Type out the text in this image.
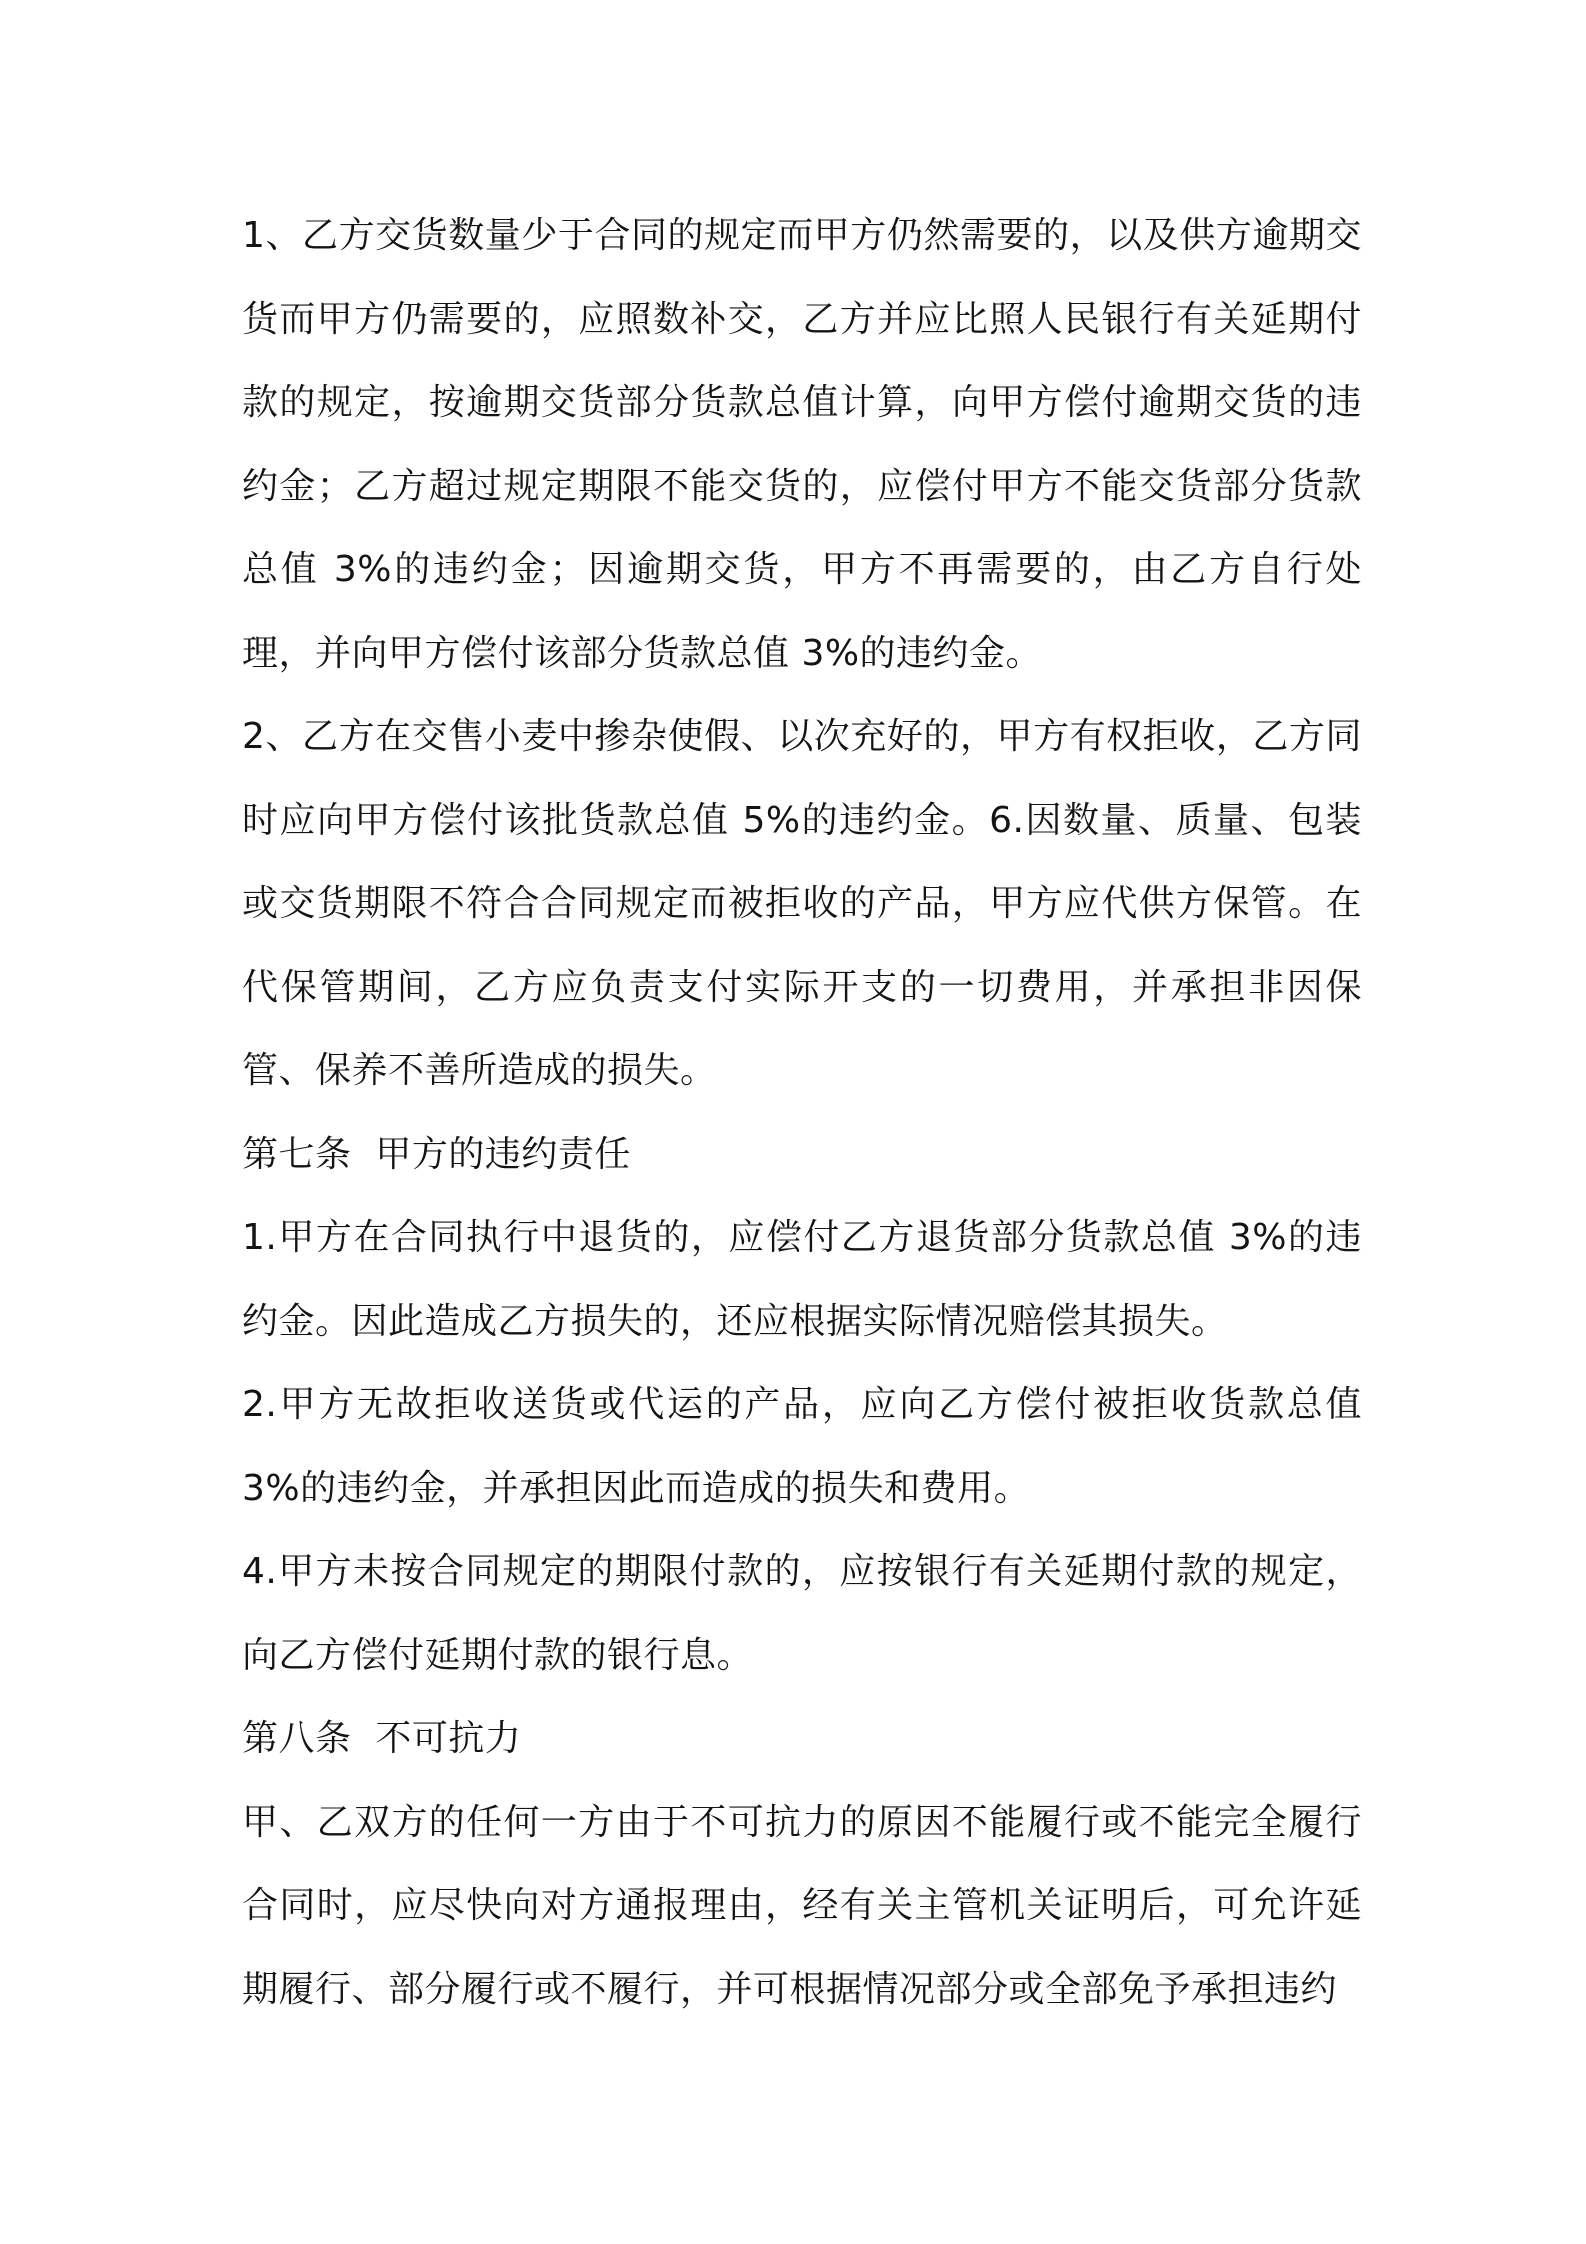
1、乙方交货数量少于合同的规定而甲方仍然需要的，以及供方逾期交货而甲方仍需要的，应照数补交，乙方并应比照人民银行有关延期付款的规定，按逾期交货部分货款总值计算，向甲方偿付逾期交货的违约金；乙方超过规定期限不能交货的，应偿付甲方不能交货部分货款总值 3%的违约金；因逾期交货，甲方不再需要的，由乙方自行处理，并向甲方偿付该部分货款总值 3%的违约金。

2、乙方在交售小麦中掺杂使假、以次充好的，甲方有权拒收，乙方同时应向甲方偿付该批货款总值 5%的违约金。6.因数量、质量、包装或交货期限不符合合同规定而被拒收的产品，甲方应代供方保管。在代保管期间，乙方应负责支付实际开支的一切费用，并承担非因保管、保养不善所造成的损失。

第七条  甲方的违约责任

1.甲方在合同执行中退货的，应偿付乙方退货部分货款总值 3%的违约金。因此造成乙方损失的，还应根据实际情况赔偿其损失。

2.甲方无故拒收送货或代运的产品，应向乙方偿付被拒收货款总值 3%的违约金，并承担因此而造成的损失和费用。

4.甲方未按合同规定的期限付款的，应按银行有关延期付款的规定，向乙方偿付延期付款的银行息。

第八条  不可抗力

甲、乙双方的任何一方由于不可抗力的原因不能履行或不能完全履行合同时，应尽快向对方通报理由，经有关主管机关证明后，可允许延期履行、部分履行或不履行，并可根据情况部分或全部免予承担违约
